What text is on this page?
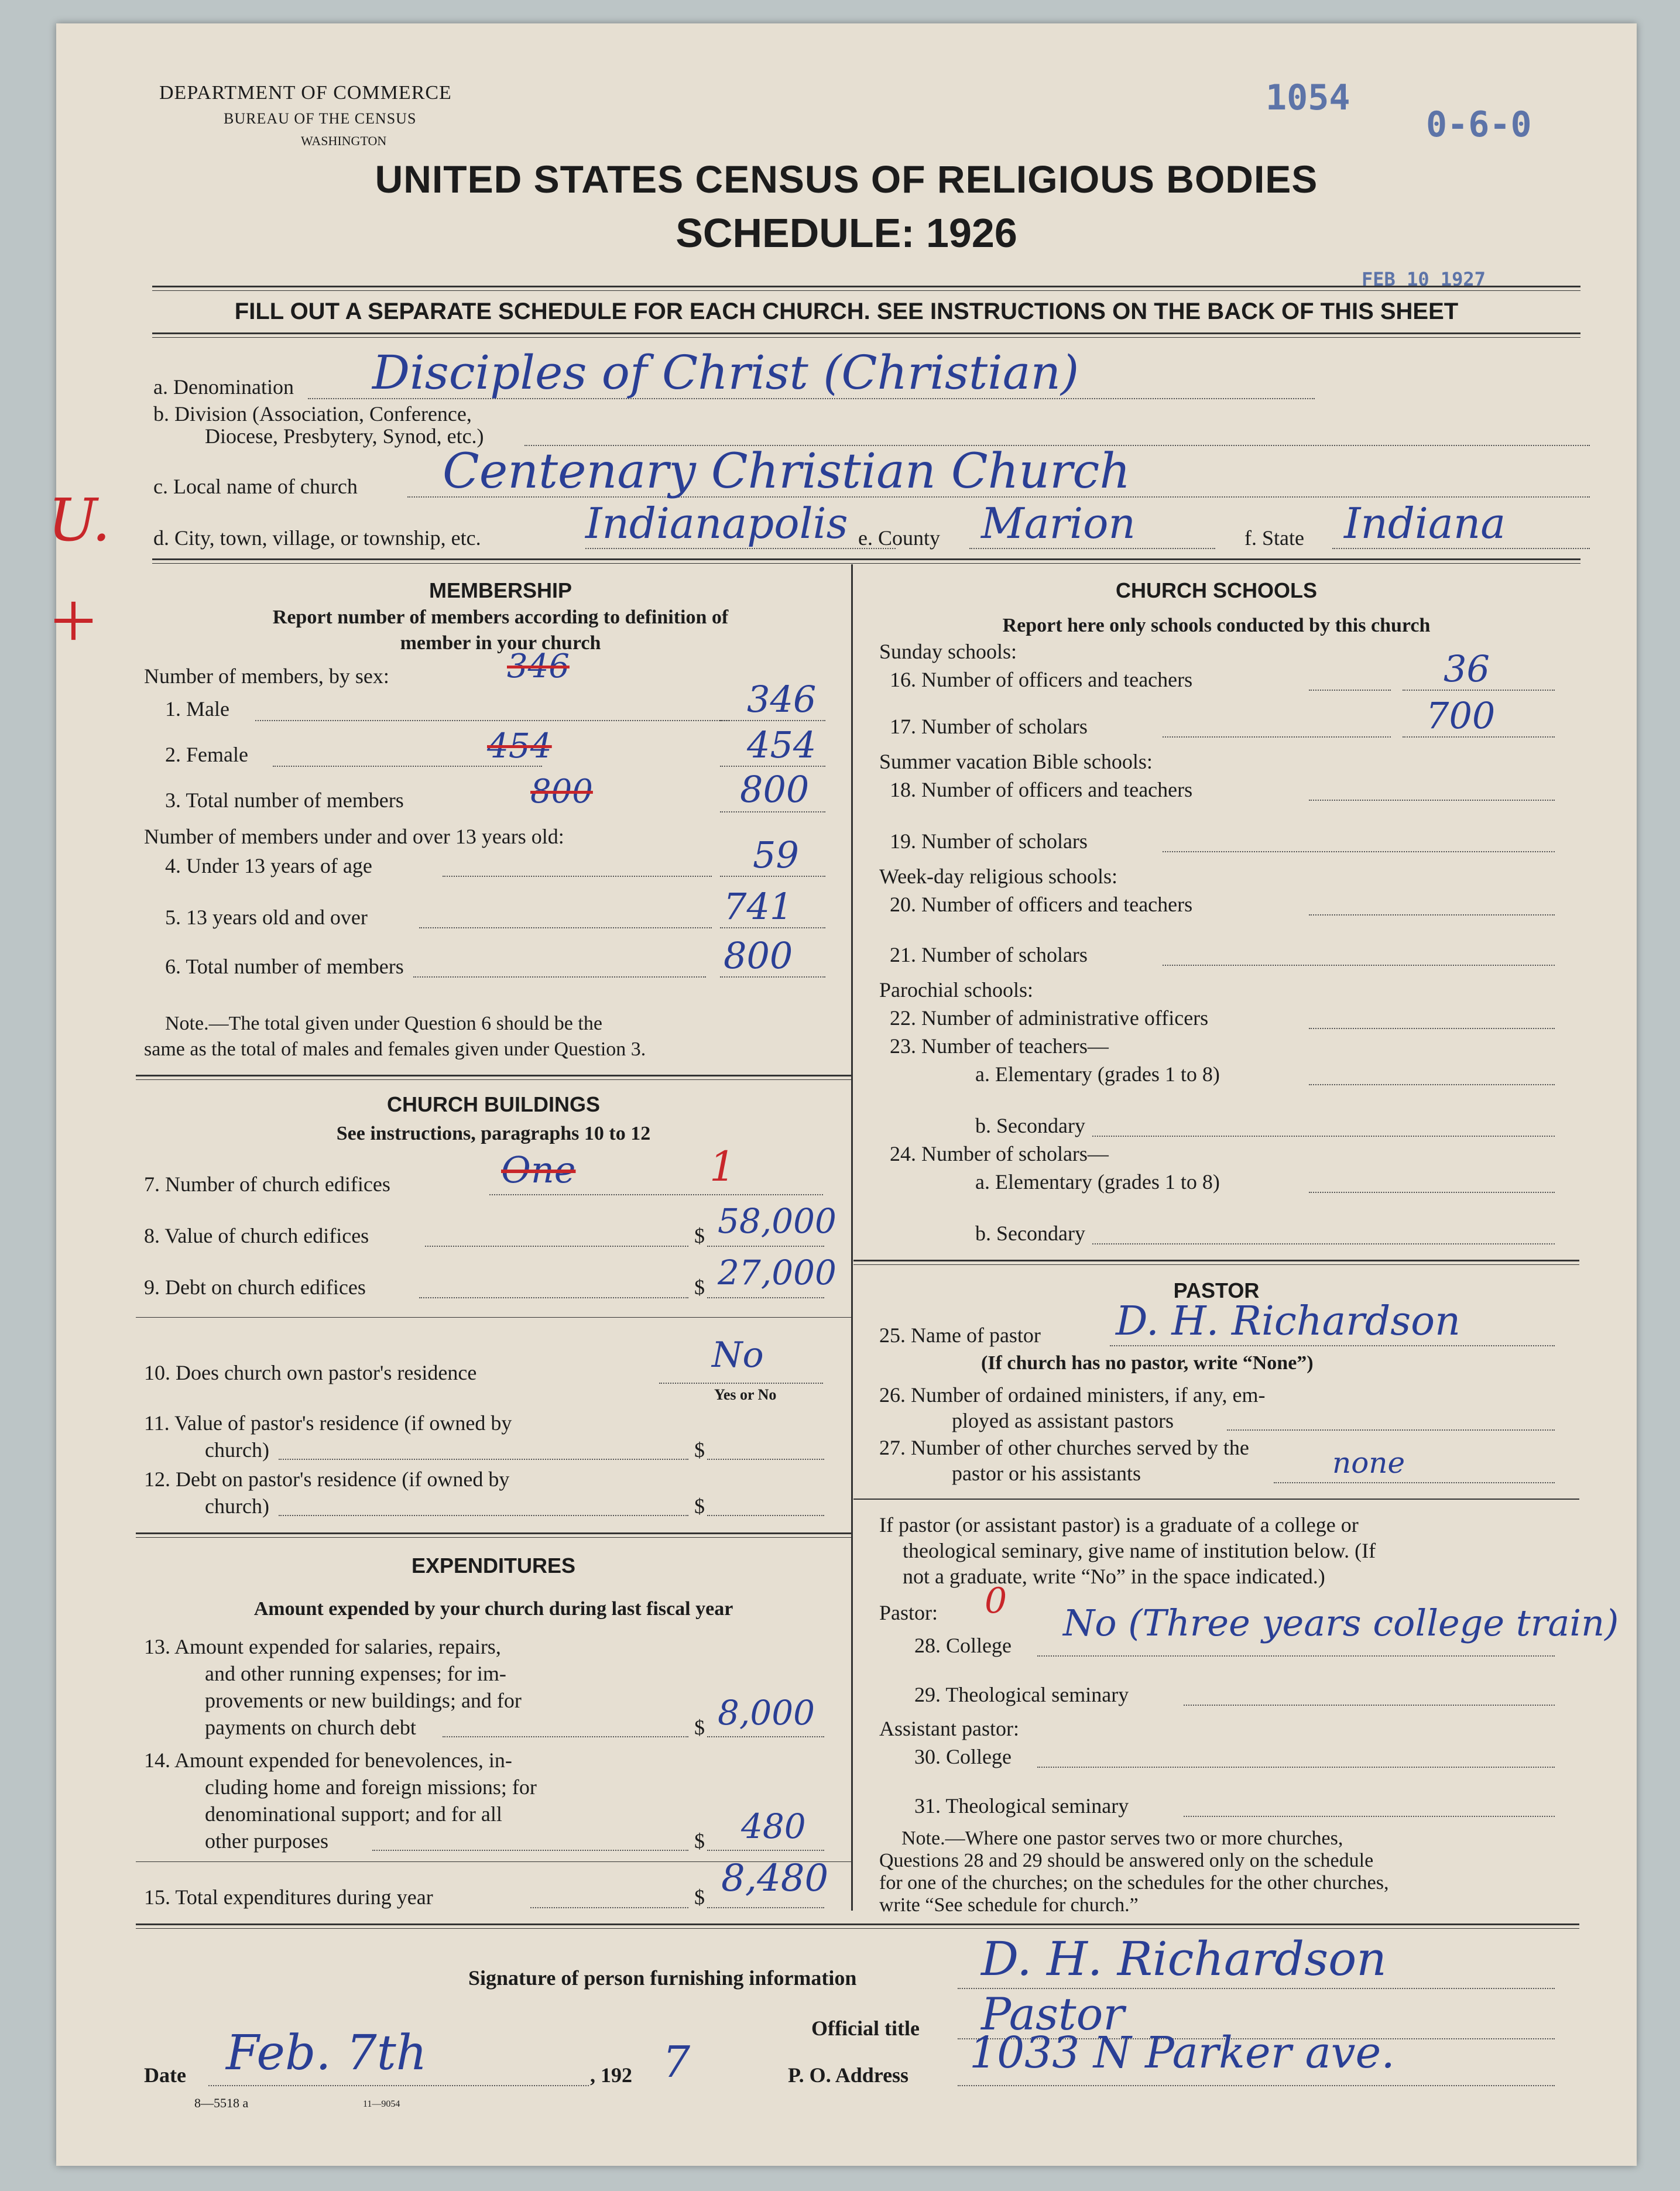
DEPARTMENT OF COMMERCE
BUREAU OF THE CENSUS
WASHINGTON
1054
0-6-0
UNITED STATES CENSUS OF RELIGIOUS BODIES
SCHEDULE: 1926
FEB 10 1927
FILL OUT A SEPARATE SCHEDULE FOR EACH CHURCH. SEE INSTRUCTIONS ON THE BACK OF THIS SHEET
a. Denomination Disciples of Christ (Christian)
b. Division (Association, Conference,
Diocese, Presbytery, Synod, etc.)
c. Local name of church Centenary Christian Church
U.
+
d. City, town, village, or township, etc. Indianapolis e. County Marion	f. State Indiana
MEMBERSHIP
Report number of members according to definition of
member in your church
Number of members, by sex:	346
1. Male	346
2. Female	454	454
3. Total number of members	800	800
Number of members under and over 13 years old:
4. Under 13 years of age	59
5. 13 years old and over	741
6. Total number of members	800
Note.—The total given under Question 6 should be the
same as the total of males and females given under Question 3.
CHURCH BUILDINGS
See instructions, paragraphs 10 to 12
7. Number of church edifices	One	1
8. Value of church edifices	$ 58,000
9. Debt on church edifices	$ 27,000
10. Does church own pastor's residence	No
Yes or No
11. Value of pastor's residence (if owned by
church)	$
12. Debt on pastor's residence (if owned by
church)	$
EXPENDITURES
Amount expended by your church during last fiscal year
13. Amount expended for salaries, repairs,
and other running expenses; for im-
provements or new buildings; and for
payments on church debt	$ 8,000
14. Amount expended for benevolences, in-
cluding home and foreign missions; for
denominational support; and for all
other purposes	$ 480
15. Total expenditures during year	$ 8,480
CHURCH SCHOOLS
Report here only schools conducted by this church
Sunday schools:
16. Number of officers and teachers	36
17. Number of scholars	700
Summer vacation Bible schools:
18. Number of officers and teachers
19. Number of scholars
Week-day religious schools:
20. Number of officers and teachers
21. Number of scholars
Parochial schools:
22. Number of administrative officers
23. Number of teachers—
a. Elementary (grades 1 to 8)
b. Secondary
24. Number of scholars—
a. Elementary (grades 1 to 8)
b. Secondary
PASTOR
25. Name of pastor D. H. Richardson
(If church has no pastor, write “None”)
26. Number of ordained ministers, if any, em-
ployed as assistant pastors
27. Number of other churches served by the
pastor or his assistants	none
If pastor (or assistant pastor) is a graduate of a college or
theological seminary, give name of institution below. (If
not a graduate, write “No” in the space indicated.)
Pastor: 0
28. College
No (Three years college train)
29. Theological seminary
Assistant pastor:
30. College
31. Theological seminary
Note.—Where one pastor serves two or more churches,
Questions 28 and 29 should be answered only on the schedule
for one of the churches; on the schedules for the other churches,
write “See schedule for church.”
Signature of person furnishing information	D. H. Richardson
Official title Pastor
Date Feb. 7th	, 192 7	P. O. Address 1033 N Parker ave.
8—5518 a	11—9054
